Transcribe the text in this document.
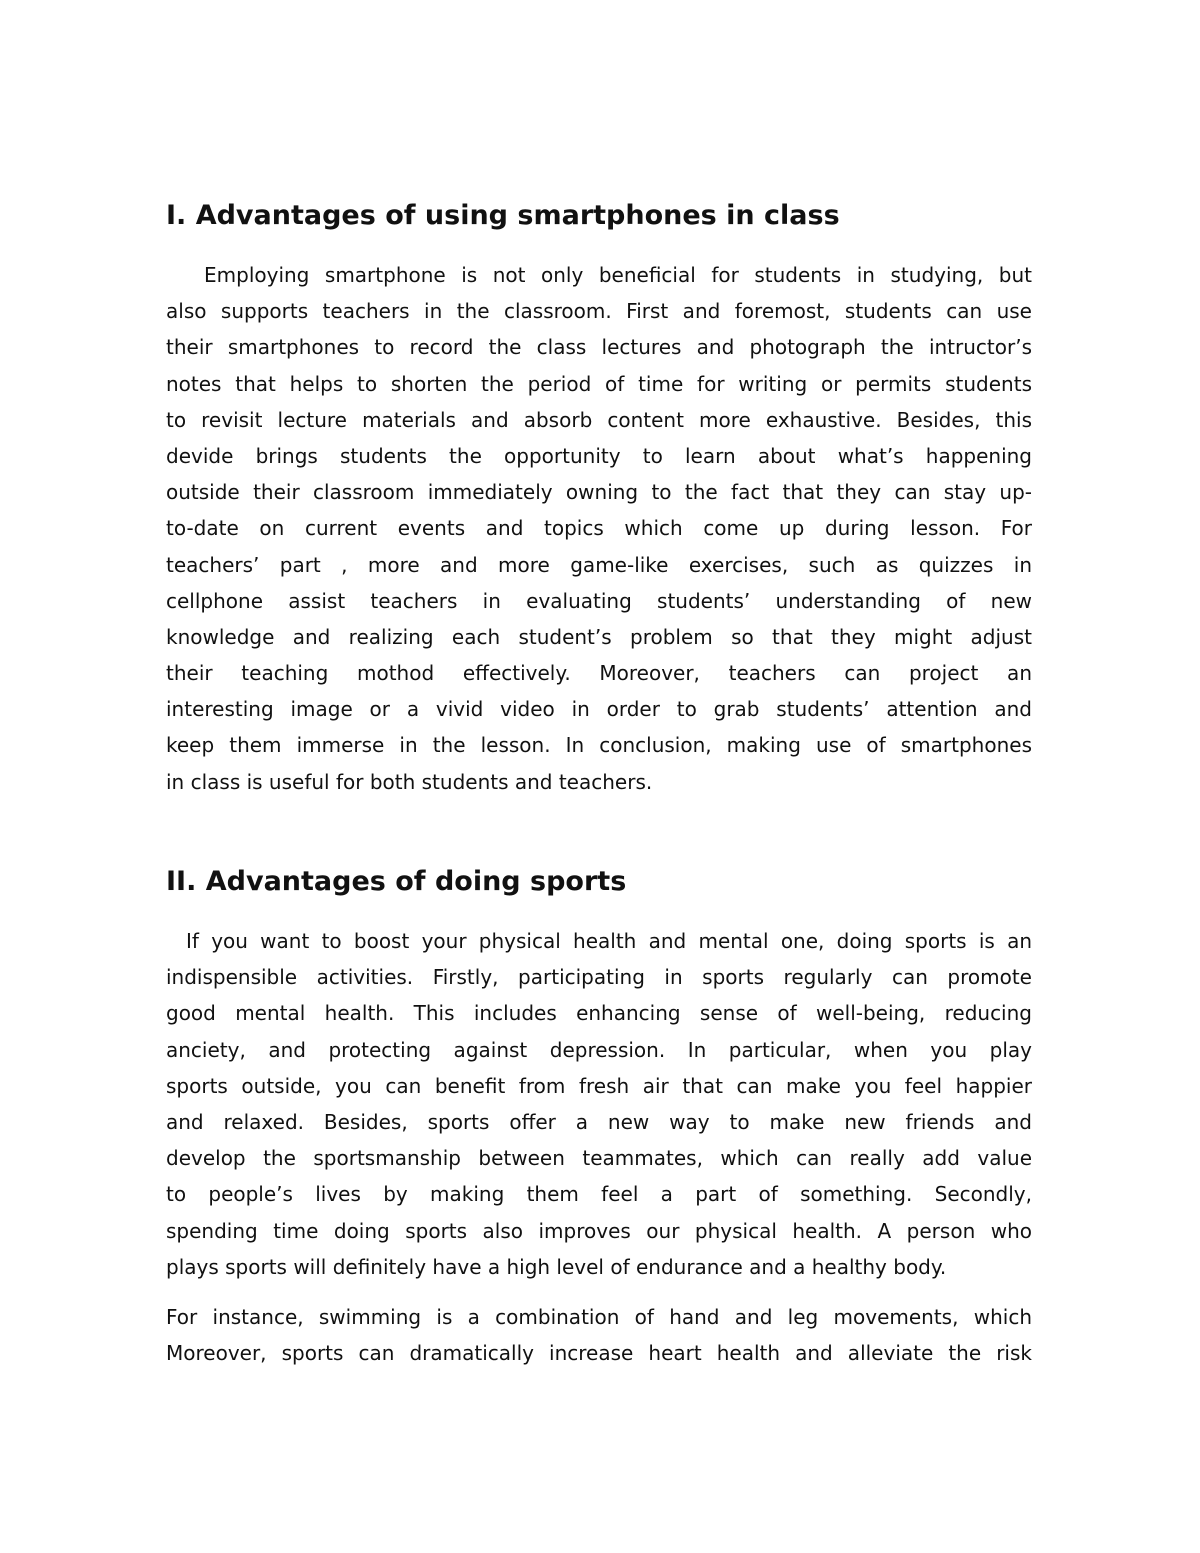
I. Advantages of using smartphones in class
Employing smartphone is not only beneficial for students in studying, but
also supports teachers in the classroom. First and foremost, students can use
their smartphones to record the class lectures and photograph the intructor’s
notes that helps to shorten the period of time for writing or permits students
to revisit lecture materials and absorb content more exhaustive. Besides, this
devide brings students the opportunity to learn about what’s happening
outside their classroom immediately owning to the fact that they can stay up-
to-date on current events and topics which come up during lesson. For
teachers’ part , more and more game-like exercises, such as quizzes in
cellphone assist teachers in evaluating students’ understanding of new
knowledge and realizing each student’s problem so that they might adjust
their teaching mothod effectively. Moreover, teachers can project an
interesting image or a vivid video in order to grab students’ attention and
keep them immerse in the lesson. In conclusion, making use of smartphones
in class is useful for both students and teachers.
II. Advantages of doing sports
If you want to boost your physical health and mental one, doing sports is an
indispensible activities. Firstly, participating in sports regularly can promote
good mental health. This includes enhancing sense of well-being, reducing
anciety, and protecting against depression. In particular, when you play
sports outside, you can benefit from fresh air that can make you feel happier
and relaxed. Besides, sports offer a new way to make new friends and
develop the sportsmanship between teammates, which can really add value
to people’s lives by making them feel a part of something. Secondly,
spending time doing sports also improves our physical health. A person who
plays sports will definitely have a high level of endurance and a healthy body.
For instance, swimming is a combination of hand and leg movements, which
Moreover, sports can dramatically increase heart health and alleviate the risk
